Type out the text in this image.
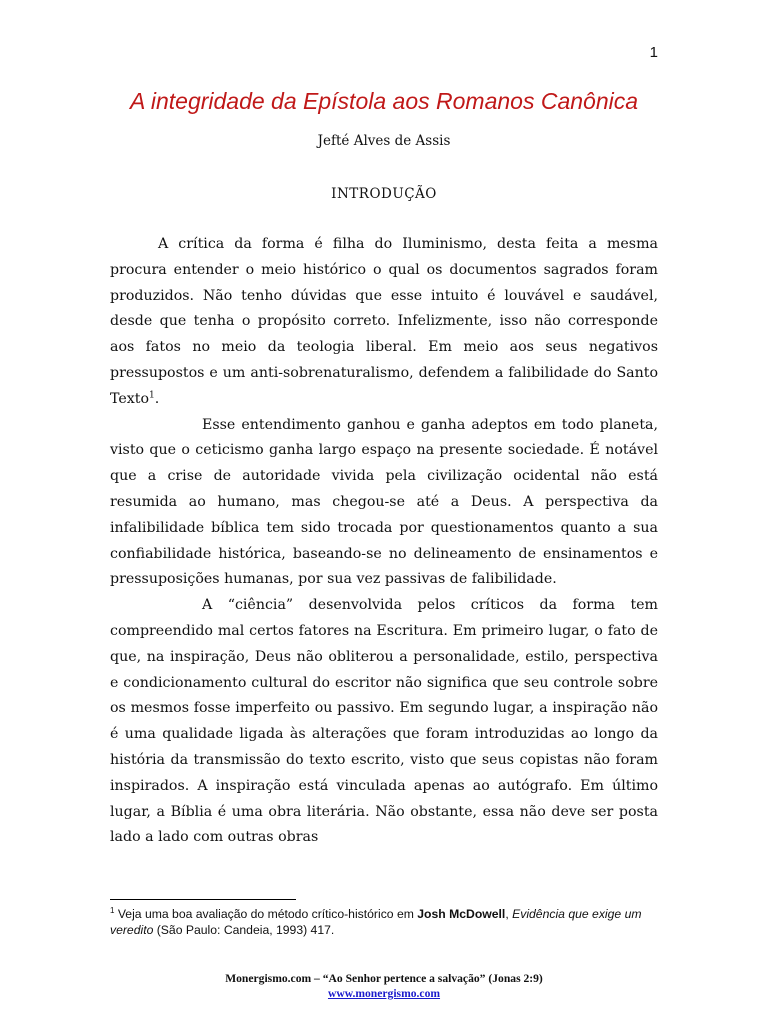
1
A integridade da Epístola aos Romanos Canônica
Jefté Alves de Assis
INTRODUÇÃO

A crítica da forma é filha do Iluminismo, desta feita a mesma procura entender o meio histórico o qual os documentos sagrados foram produzidos. Não tenho dúvidas que esse intuito é louvável e saudável, desde que tenha o propósito correto. Infelizmente, isso não corresponde aos fatos no meio da teologia liberal. Em meio aos seus negativos pressupostos e um anti-sobrenaturalismo, defendem a falibilidade do Santo Texto$^1$.

Esse entendimento ganhou e ganha adeptos em todo planeta, visto que o ceticismo ganha largo espaço na presente sociedade. É notável que a crise de autoridade vivida pela civilização ocidental não está resumida ao humano, mas chegou-se até a Deus. A perspectiva da infalibilidade bíblica tem sido trocada por questionamentos quanto a sua confiabilidade histórica, baseando-se no delineamento de ensinamentos e pressuposições humanas, por sua vez passivas de falibilidade.

A “ciência” desenvolvida pelos críticos da forma tem compreendido mal certos fatores na Escritura. Em primeiro lugar, o fato de que, na inspiração, Deus não obliterou a personalidade, estilo, perspectiva e condicionamento cultural do escritor não significa que seu controle sobre os mesmos fosse imperfeito ou passivo. Em segundo lugar, a inspiração não é uma qualidade ligada às alterações que foram introduzidas ao longo da história da transmissão do texto escrito, visto que seus copistas não foram inspirados. A inspiração está vinculada apenas ao autógrafo. Em último lugar, a Bíblia é uma obra literária. Não obstante, essa não deve ser posta lado a lado com outras obras

$^1$ Veja uma boa avaliação do método crítico-histórico em Josh McDowell, Evidência que exige um veredito (São Paulo: Candeia, 1993) 417.
Monergismo.com – “Ao Senhor pertence a salvação” (Jonas 2:9)
www.monergismo.com
